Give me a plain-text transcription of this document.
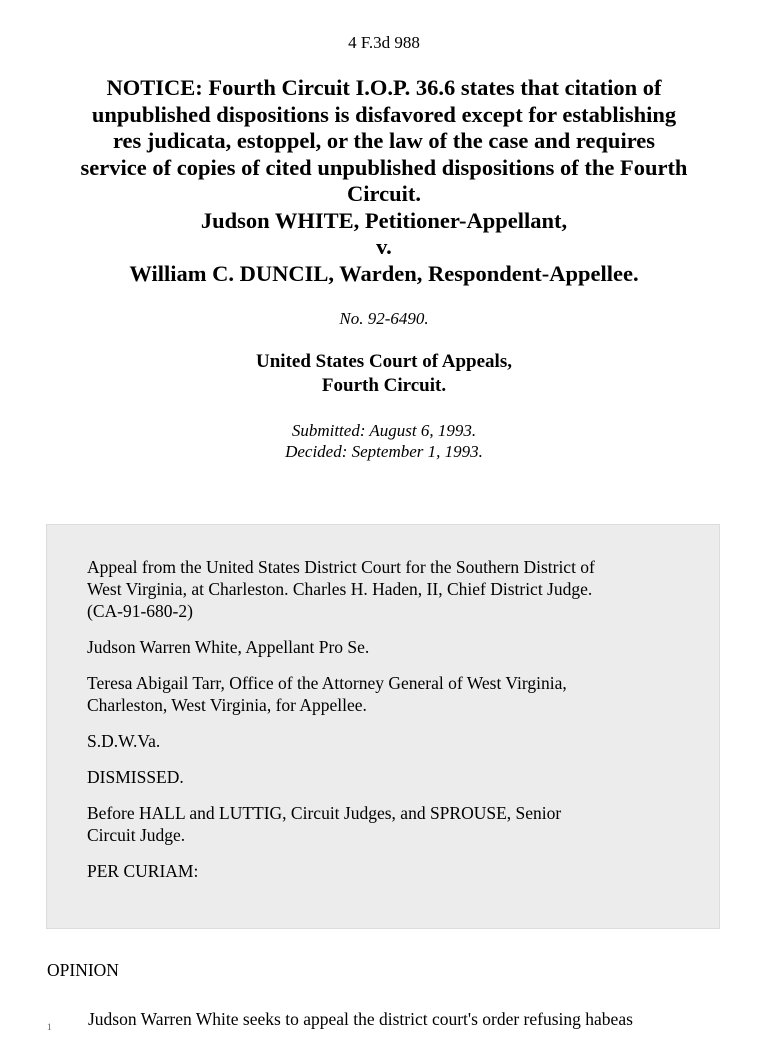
4 F.3d 988
NOTICE: Fourth Circuit I.O.P. 36.6 states that citation of
unpublished dispositions is disfavored except for establishing
res judicata, estoppel, or the law of the case and requires
service of copies of cited unpublished dispositions of the Fourth
Circuit.
Judson WHITE, Petitioner-Appellant,
v.
William C. DUNCIL, Warden, Respondent-Appellee.
No. 92-6490.
United States Court of Appeals,
Fourth Circuit.
Submitted: August 6, 1993.
Decided: September 1, 1993.

Appeal from the United States District Court for the Southern District of
West Virginia, at Charleston. Charles H. Haden, II, Chief District Judge.
(CA-91-680-2)

Judson Warren White, Appellant Pro Se.

Teresa Abigail Tarr, Office of the Attorney General of West Virginia,
Charleston, West Virginia, for Appellee.

S.D.W.Va.

DISMISSED.

Before HALL and LUTTIG, Circuit Judges, and SPROUSE, Senior
Circuit Judge.

PER CURIAM:

OPINION
1 Judson Warren White seeks to appeal the district court's order refusing habeas
